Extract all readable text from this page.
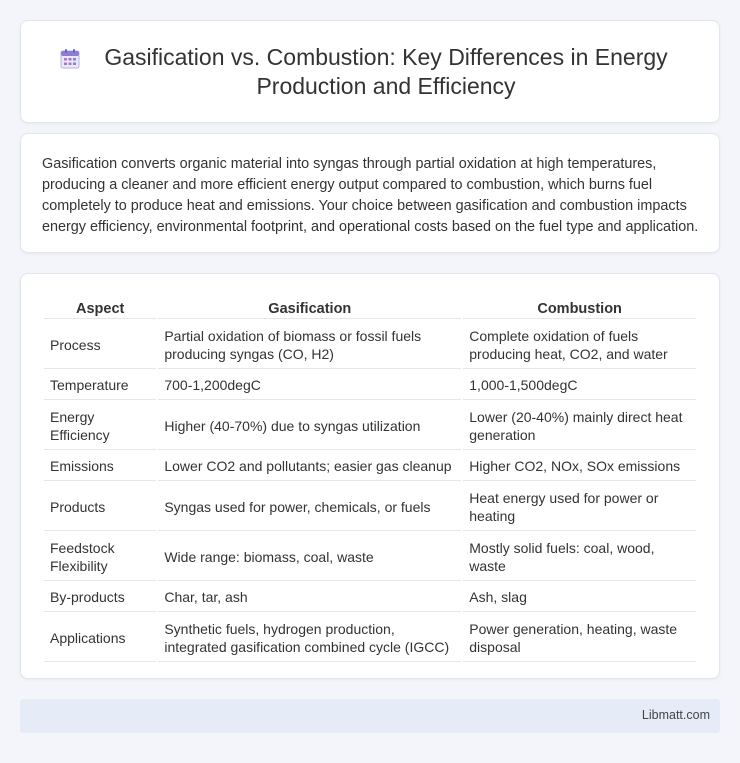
Gasification vs. Combustion: Key Differences in Energy Production and Efficiency

Gasification converts organic material into syngas through partial oxidation at high temperatures, producing a cleaner and more efficient energy output compared to combustion, which burns fuel completely to produce heat and emissions. Your choice between gasification and combustion impacts energy efficiency, environmental footprint, and operational costs based on the fuel type and application.

Aspect	Gasification	Combustion
Process	Partial oxidation of biomass or fossil fuels producing syngas (CO, H2)	Complete oxidation of fuels producing heat, CO2, and water
Temperature	700-1,200degC	1,000-1,500degC
Energy Efficiency	Higher (40-70%) due to syngas utilization	Lower (20-40%) mainly direct heat generation
Emissions	Lower CO2 and pollutants; easier gas cleanup	Higher CO2, NOx, SOx emissions
Products	Syngas used for power, chemicals, or fuels	Heat energy used for power or heating
Feedstock Flexibility	Wide range: biomass, coal, waste	Mostly solid fuels: coal, wood, waste
By-products	Char, tar, ash	Ash, slag
Applications	Synthetic fuels, hydrogen production, integrated gasification combined cycle (IGCC)	Power generation, heating, waste disposal
Libmatt.com
